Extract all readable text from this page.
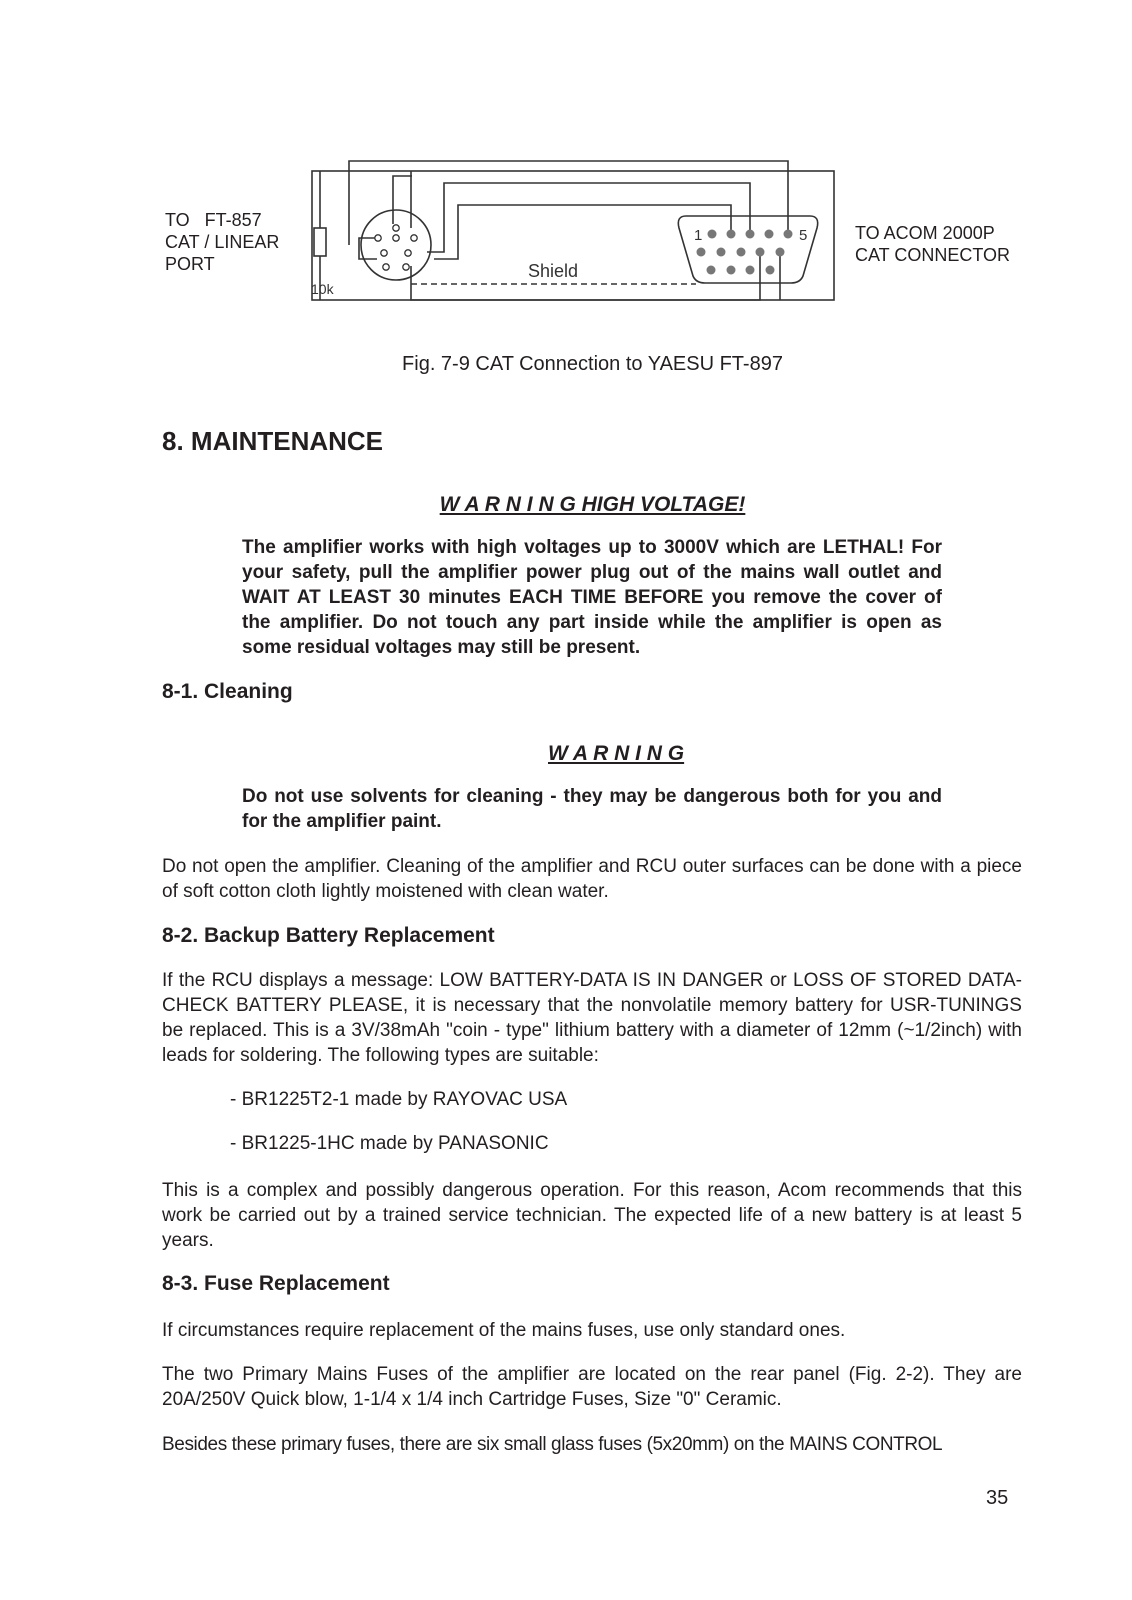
1	5
Shield
10k
TO   FT-857
CAT / LINEAR
PORT
TO ACOM 2000P
CAT CONNECTOR
Fig. 7-9 CAT Connection to YAESU FT-897
8. MAINTENANCE
W A R N I N G HIGH VOLTAGE!

The amplifier works with high voltages up to 3000V which are LETHAL! For your safety, pull the amplifier power plug out of the mains wall outlet and WAIT AT LEAST 30 minutes EACH TIME BEFORE you remove the cover of the amplifier. Do not touch any part inside while the amplifier is open as some residual voltages may still be present.

8-1. Cleaning
W A R N I N G

Do not use solvents for cleaning - they may be dangerous both for you and for the amplifier paint.

Do not open the amplifier. Cleaning of the amplifier and RCU outer surfaces can be done with a piece of soft cotton cloth lightly moistened with clean water.

8-2. Backup Battery Replacement

If the RCU displays a message: LOW BATTERY-DATA IS IN DANGER or LOSS OF STORED DATA-CHECK BATTERY PLEASE, it is necessary that the nonvolatile memory battery for USR-TUNINGS be replaced. This is a 3V/38mAh "coin - type" lithium battery with a diameter of 12mm (~1/2inch) with leads for soldering. The following types are suitable:

- BR1225T2-1 made by RAYOVAC USA

- BR1225-1HC made by PANASONIC

This is a complex and possibly dangerous operation. For this reason, Acom recommends that this work be carried out by a trained service technician. The expected life of a new battery is at least 5 years.

8-3. Fuse Replacement

If circumstances require replacement of the mains fuses, use only standard ones.

The two Primary Mains Fuses of the amplifier are located on the rear panel (Fig. 2-2). They are 20A/250V Quick blow, 1-1/4 x 1/4 inch Cartridge Fuses, Size "0" Ceramic.

Besides these primary fuses, there are six small glass fuses (5x20mm) on the MAINS CONTROL

35
